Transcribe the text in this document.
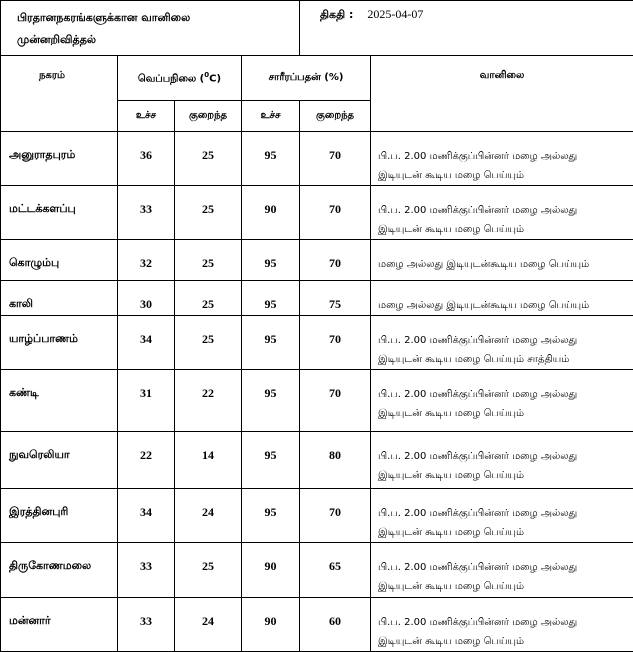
பிரதானநகரங்களுக்கான வானிலை
முன்னறிவித்தல்				திகதி : 2025-04-07	
நகரம்	வெப்பநிலை ($^0$C)		சாரீரப்பதன் (%)		வானிலை
	உச்ச	குறைந்த	உச்ச	குறைந்த	
அனுராதபுரம்	36	25	95	70	பி.ப. 2.00 மணிக்குப்பின்னர் மழை அல்லது
இடியுடன் கூடிய மழை பெய்யும்

மட்டக்களப்பு	33	25	90	70	பி.ப. 2.00 மணிக்குப்பின்னர் மழை அல்லது
இடியுடன் கூடிய மழை பெய்யும்

கொழும்பு	32	25	95	70	மழை அல்லது இடியுடன்கூடிய மழை பெய்யும்

காலி	30	25	95	75	மழை அல்லது இடியுடன்கூடிய மழை பெய்யும்

யாழ்ப்பாணம்	34	25	95	70	பி.ப. 2.00 மணிக்குப்பின்னர் மழை அல்லது
இடியுடன் கூடிய மழை பெய்யும் சாத்தியம்

கண்டி	31	22	95	70	பி.ப. 2.00 மணிக்குப்பின்னர் மழை அல்லது
இடியுடன் கூடிய மழை பெய்யும்

நுவரெலியா	22	14	95	80	பி.ப. 2.00 மணிக்குப்பின்னர் மழை அல்லது
இடியுடன் கூடிய மழை பெய்யும்

இரத்தினபுரி	34	24	95	70	பி.ப. 2.00 மணிக்குப்பின்னர் மழை அல்லது
இடியுடன் கூடிய மழை பெய்யும்

திருகோணமலை	33	25	90	65	பி.ப. 2.00 மணிக்குப்பின்னர் மழை அல்லது
இடியுடன் கூடிய மழை பெய்யும்

மன்னார்	33	24	90	60	பி.ப. 2.00 மணிக்குப்பின்னர் மழை அல்லது
இடியுடன் கூடிய மழை பெய்யும்
